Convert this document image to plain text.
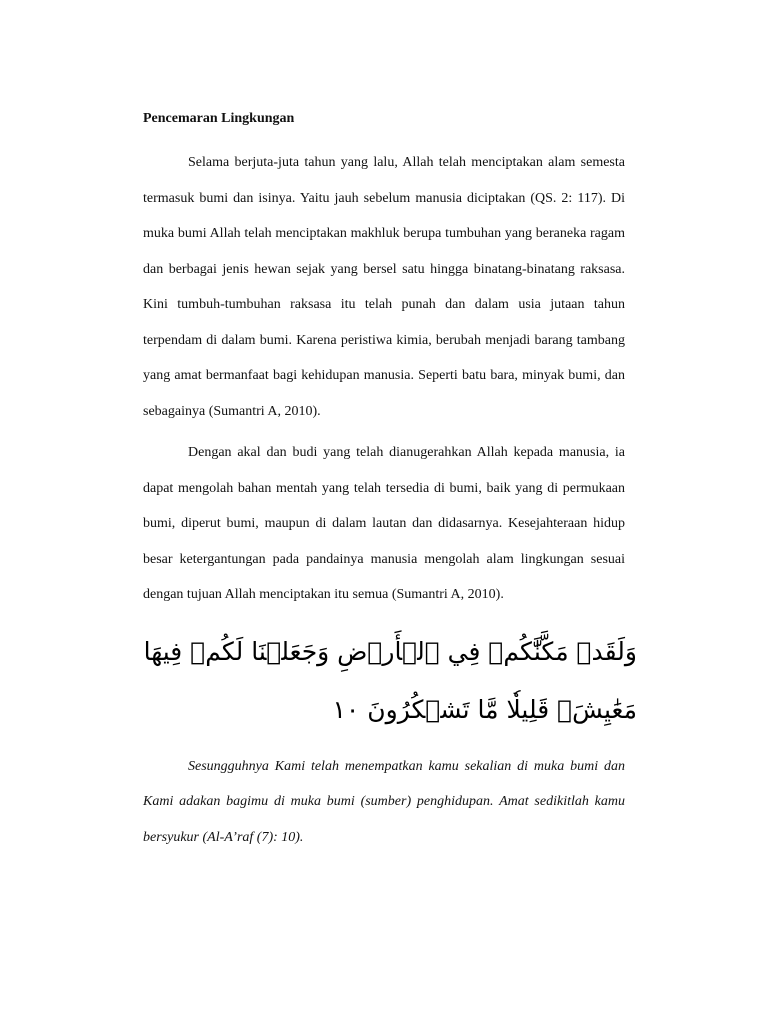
Pencemaran Lingkungan

Selama berjuta-juta tahun yang lalu, Allah telah menciptakan alam semesta termasuk bumi dan isinya. Yaitu jauh sebelum manusia diciptakan (QS. 2: 117). Di muka bumi Allah telah menciptakan makhluk berupa tumbuhan yang beraneka ragam dan berbagai jenis hewan sejak yang bersel satu hingga binatang-binatang raksasa. Kini tumbuh-tumbuhan raksasa itu telah punah dan dalam usia jutaan tahun terpendam di dalam bumi. Karena peristiwa kimia, berubah menjadi barang tambang yang amat bermanfaat bagi kehidupan manusia. Seperti batu bara, minyak bumi, dan sebagainya (Sumantri A, 2010).

Dengan akal dan budi yang telah dianugerahkan Allah kepada manusia, ia dapat mengolah bahan mentah yang telah tersedia di bumi, baik yang di permukaan bumi, diperut bumi, maupun di dalam lautan dan didasarnya. Kesejahteraan hidup besar ketergantungan pada pandainya manusia mengolah alam lingkungan sesuai dengan tujuan Allah menciptakan itu semua (Sumantri A, 2010).

وَلَقَدۡ مَكَّنَّٰكُمۡ فِي ٱلۡأَرۡضِ وَجَعَلۡنَا لَكُمۡ فِيهَا مَعَٰيِشَۗ قَلِيلٗا مَّا تَشۡكُرُونَ ١٠

Sesungguhnya Kami telah menempatkan kamu sekalian di muka bumi dan Kami adakan bagimu di muka bumi (sumber) penghidupan. Amat sedikitlah kamu bersyukur (Al-A’raf (7): 10).
